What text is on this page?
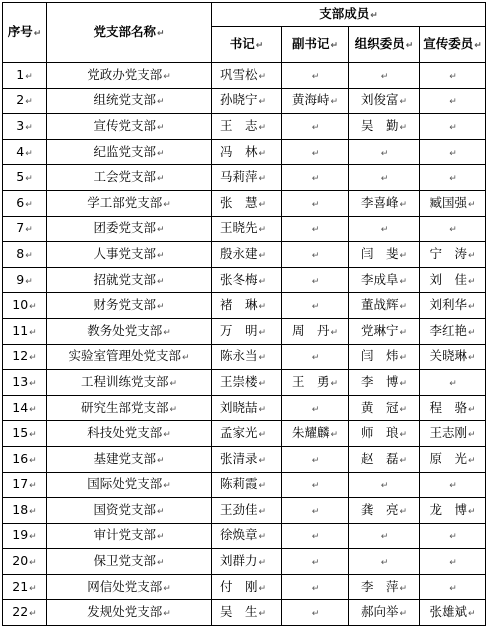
序号↵	党支部名称↵	支部成员↵			
		书记↵	副书记↵	组织委员↵	宣传委员↵
1↵	党政办党支部↵	巩雪松↵	↵	↵	↵
2↵	组统党支部↵	孙晓宁↵	黄海峙↵	刘俊富↵	↵
3↵	宣传党支部↵	王　志↵	↵	吴　勤↵	↵
4↵	纪监党支部↵	冯　林↵	↵	↵	↵
5↵	工会党支部↵	马莉萍↵	↵	↵	↵
6↵	学工部党支部↵	张　慧↵	↵	李喜峰↵	臧国强↵
7↵	团委党支部↵	王晓先↵	↵	↵	↵
8↵	人事党支部↵	殷永建↵	↵	闫　斐↵	宁　涛↵
9↵	招就党支部↵	张冬梅↵	↵	李成阜↵	刘　佳↵
10↵	财务党支部↵	褚　琳↵	↵	董战辉↵	刘利华↵
11↵	教务处党支部↵	万　明↵	周　丹↵	党琳宁↵	李红艳↵
12↵	实验室管理处党支部↵	陈永当↵	↵	闫　炜↵	关晓琳↵
13↵	工程训练党支部↵	王崇楼↵	王　勇↵	李　博↵	↵
14↵	研究生部党支部↵	刘晓喆↵	↵	黄　冠↵	程　骆↵
15↵	科技处党支部↵	孟家光↵	朱耀麟↵	师　琅↵	王志刚↵
16↵	基建党支部↵	张清录↵	↵	赵　磊↵	原　光↵
17↵	国际处党支部↵	陈莉霞↵	↵	↵	↵
18↵	国资党支部↵	王劲佳↵	↵	龚　亮↵	龙　博↵
19↵	审计党支部↵	徐焕章↵	↵	↵	↵
20↵	保卫党支部↵	刘群力↵	↵	↵	↵
21↵	网信处党支部↵	付　刚↵	↵	李　萍↵	↵
22↵	发规处党支部↵	吴　生↵	↵	郝向举↵	张雄斌↵
